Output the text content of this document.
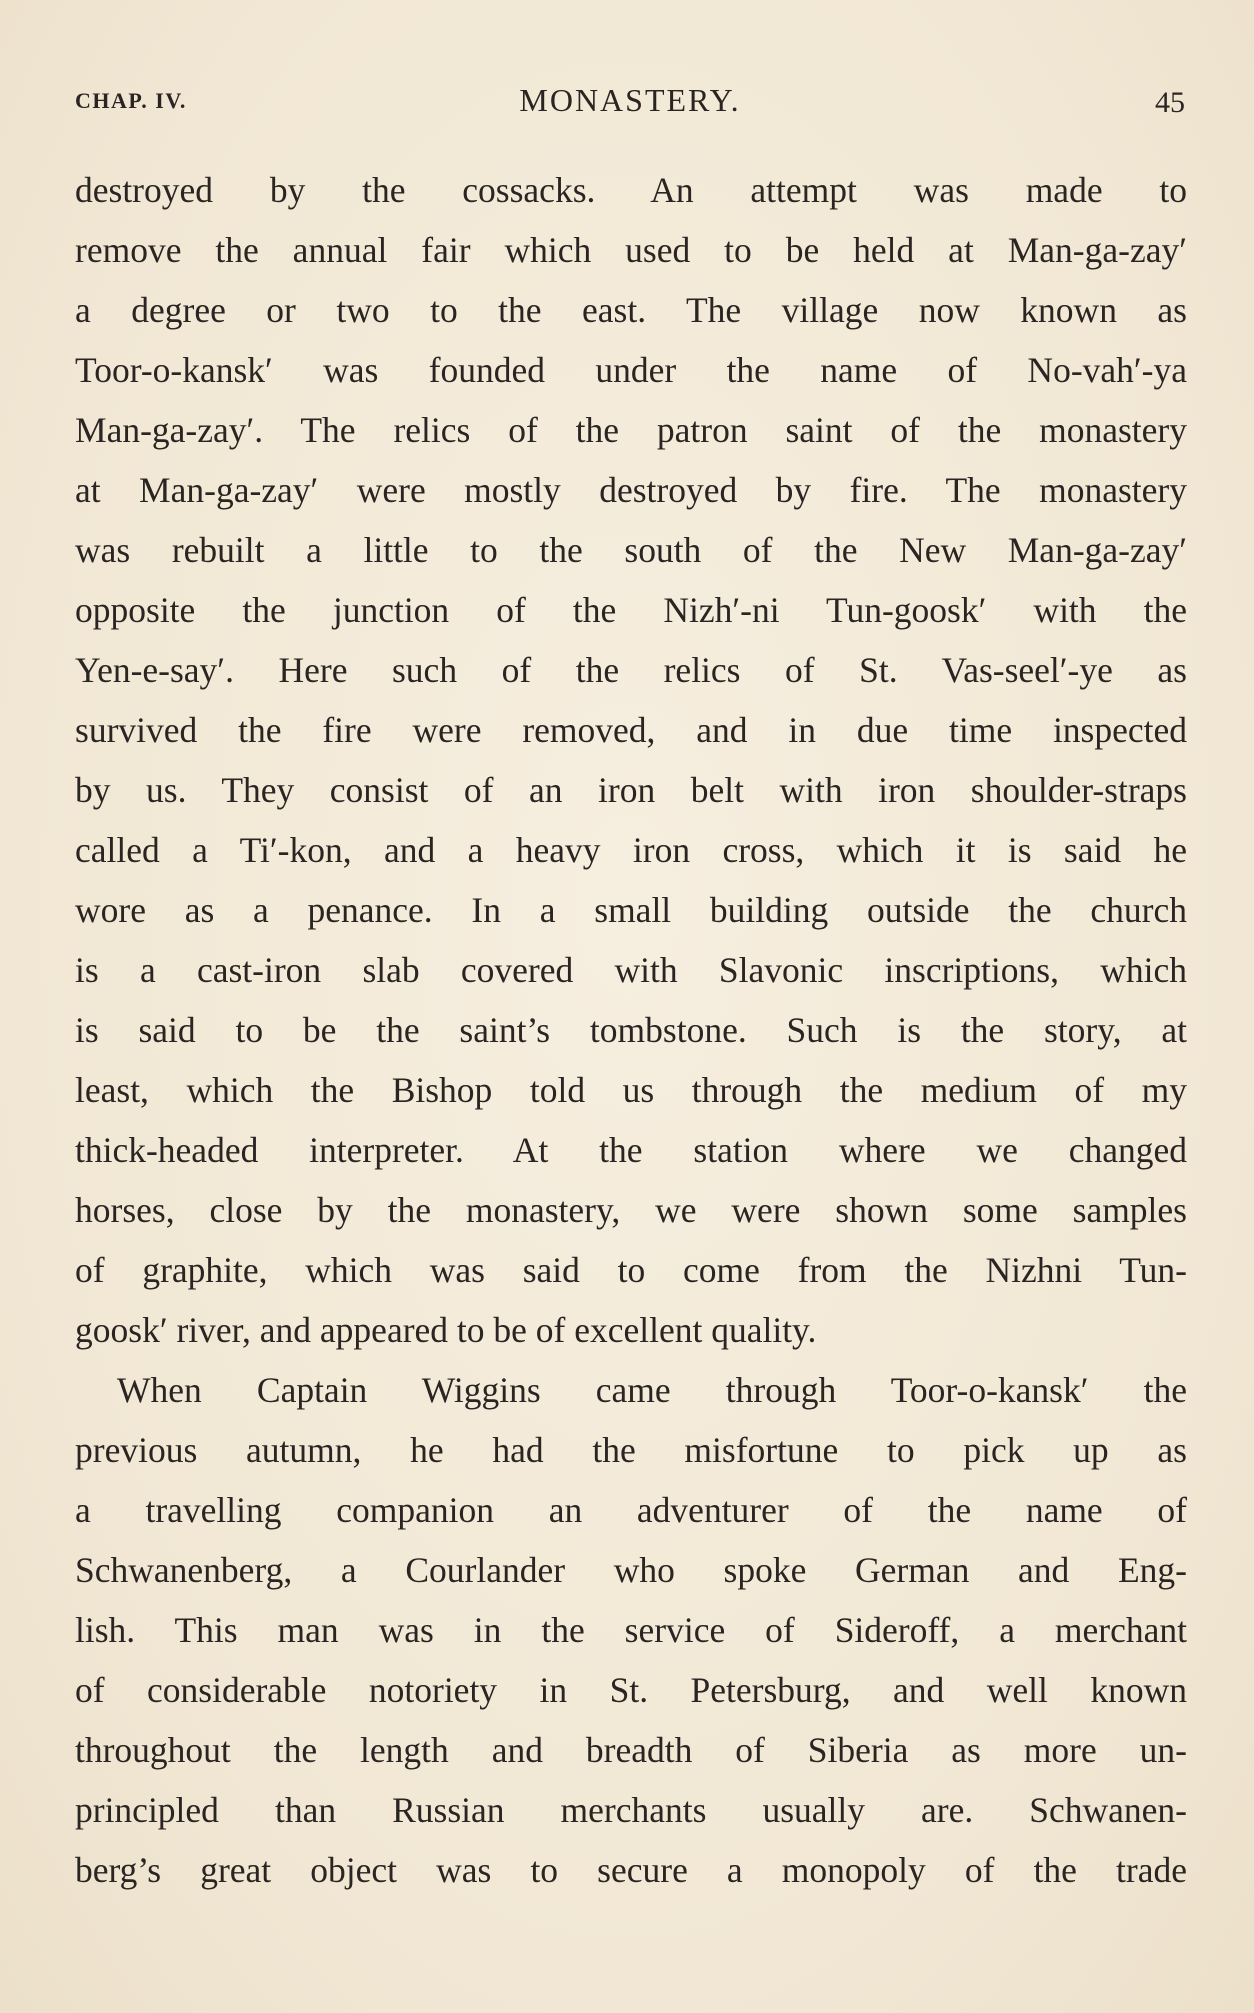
CHAP. IV.	MONASTERY.	45
destroyed by the cossacks. An attempt was made to
remove the annual fair which used to be held at Man-ga-zay′
a degree or two to the east. The village now known as
Toor-o-kansk′ was founded under the name of No-vah′-ya
Man-ga-zay′. The relics of the patron saint of the monastery
at Man-ga-zay′ were mostly destroyed by fire. The monastery
was rebuilt a little to the south of the New Man-ga-zay′
opposite the junction of the Nizh′-ni Tun-goosk′ with the
Yen-e-say′. Here such of the relics of St. Vas-seel′-ye as
survived the fire were removed, and in due time inspected
by us. They consist of an iron belt with iron shoulder-straps
called a Ti′-kon, and a heavy iron cross, which it is said he
wore as a penance. In a small building outside the church
is a cast-iron slab covered with Slavonic inscriptions, which
is said to be the saint’s tombstone. Such is the story, at
least, which the Bishop told us through the medium of my
thick-headed interpreter. At the station where we changed
horses, close by the monastery, we were shown some samples
of graphite, which was said to come from the Nizhni Tun-
goosk′ river, and appeared to be of excellent quality.
When Captain Wiggins came through Toor-o-kansk′ the
previous autumn, he had the misfortune to pick up as
a travelling companion an adventurer of the name of
Schwanenberg, a Courlander who spoke German and Eng-
lish. This man was in the service of Sideroff, a merchant
of considerable notoriety in St. Petersburg, and well known
throughout the length and breadth of Siberia as more un-
principled than Russian merchants usually are. Schwanen-
berg’s great object was to secure a monopoly of the trade
